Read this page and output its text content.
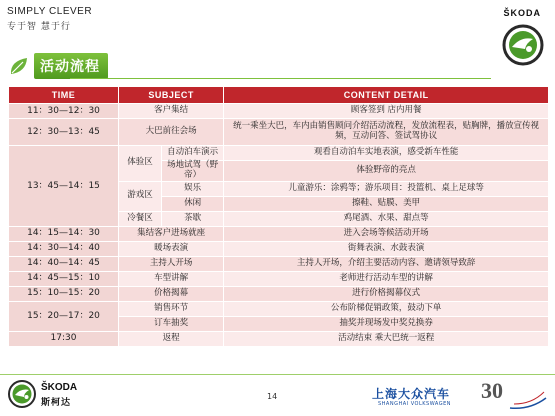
SIMPLY CLEVER
专于智 慧于行
ŠKODA
活动流程
TIME	SUBJECT		CONTENT DETAIL
11：30—12：30	客户集结		顾客签到 店内用餐
12：30—13：45	大巴前往会场		统一乘坐大巴，车内由销售顾问介绍活动流程，发放流程表，贴胸牌，播放宣传视频，互动问答、签试驾协议
13：45—14：15	体验区	自动泊车演示	观看自动泊车实地表演，感受新车性能
		场地试驾（野帝）	体验野帝的亮点
	游戏区	娱乐	儿童游乐：涂鸦等；游乐项目：投篮机、桌上足球等
		休闲	擦鞋、贴膜、美甲
	冷餐区	茶歇	鸡尾酒、水果、甜点等
14：15—14：30	集结客户进场就座		进入会场等候活动开场
14：30—14：40	暖场表演		街舞表演、水鼓表演
14：40—14：45	主持人开场		主持人开场，介绍主要活动内容、邀请领导致辞
14：45—15：10	车型讲解		老师进行活动车型的讲解
15：10—15：20	价格揭幕		进行价格揭幕仪式
15：20—17：20	销售环节		公布阶梯促销政策，鼓动下单
	订车抽奖		抽奖并现场发中奖兑换券
17:30	返程		活动结束 乘大巴统一返程
ŠKODA
斯柯达
14	上海大众汽车
SHANGHAI VOLKSWAGEN
30
